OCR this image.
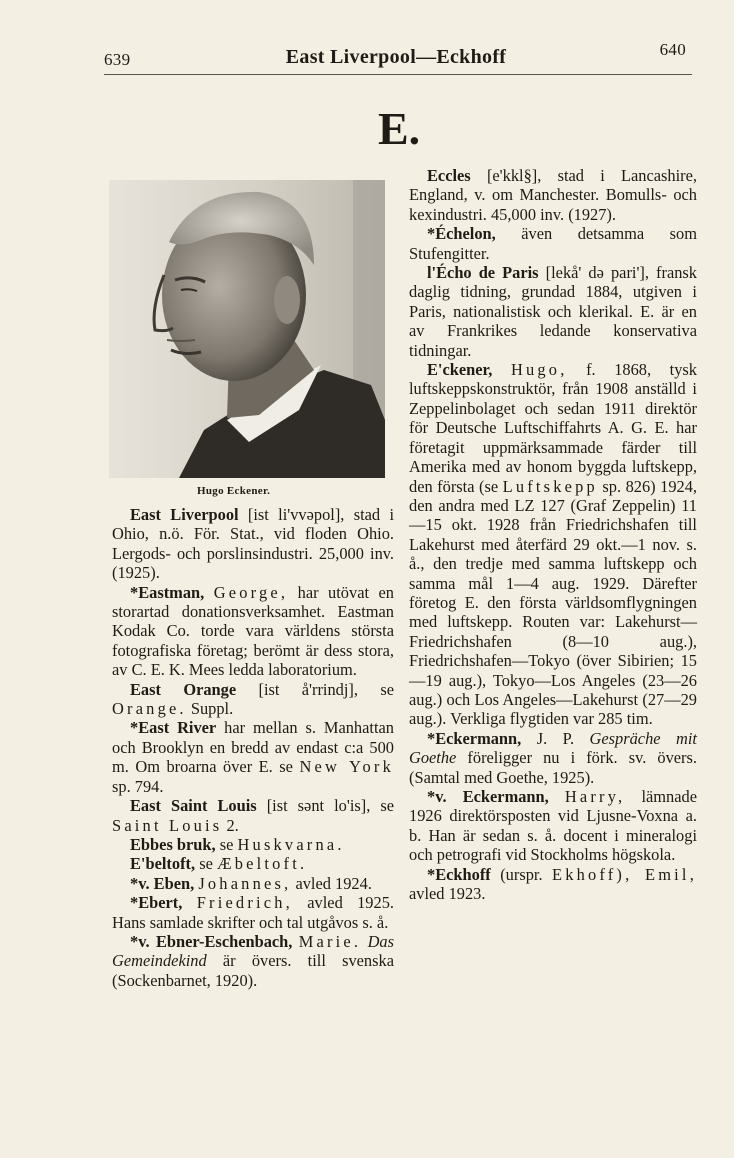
639	East Liverpool—Eckhoff	640
E.
Hugo Eckener.

East Liverpool [ist li'vvəpol], stad i Ohio, n.ö. För. Stat., vid floden Ohio. Lergods- och porslinsindustri. 25,000 inv. (1925).

*Eastman, George, har utövat en storartad donationsverksamhet. Eastman Kodak Co. torde vara världens största fotografiska företag; berömt är dess stora, av C. E. K. Mees ledda laboratorium.

East Orange [ist å'rrindj], se Orange. Suppl.

*East River har mellan s. Manhattan och Brooklyn en bredd av endast c:a 500 m. Om broarna över E. se New York sp. 794.

East Saint Louis [ist sənt lo'is], se Saint Louis 2.

Ebbes bruk, se Huskvarna.

E'beltoft, se Æbeltoft.

*v. Eben, Johannes, avled 1924.

*Ebert, Friedrich, avled 1925. Hans samlade skrifter och tal utgåvos s. å.

*v. Ebner-Eschenbach, Marie. Das Gemeindekind är övers. till svenska (Sockenbarnet, 1920).

Eccles [e'kkl§], stad i Lancashire, England, v. om Manchester. Bomulls- och kexindustri. 45,000 inv. (1927).

*Échelon, även detsamma som Stufengitter.

l'Écho de Paris [lekå' də pari'], fransk daglig tidning, grundad 1884, utgiven i Paris, nationalistisk och klerikal. E. är en av Frankrikes ledande konservativa tidningar.

E'ckener, Hugo, f. 1868, tysk luftskeppskonstruktör, från 1908 anställd i Zeppelinbolaget och sedan 1911 direktör för Deutsche Luftschiffahrts A. G. E. har företagit uppmärksammade färder till Amerika med av honom byggda luftskepp, den första (se Luftskepp sp. 826) 1924, den andra med LZ 127 (Graf Zeppelin) 11—15 okt. 1928 från Friedrichshafen till Lakehurst med återfärd 29 okt.—1 nov. s. å., den tredje med samma luftskepp och samma mål 1—4 aug. 1929. Därefter företog E. den första världsomflygningen med luftskepp. Routen var: Lakehurst—Friedrichshafen (8—10 aug.), Friedrichshafen—Tokyo (över Sibirien; 15—19 aug.), Tokyo—Los Angeles (23—26 aug.) och Los Angeles—Lakehurst (27—29 aug.). Verkliga flygtiden var 285 tim.

*Eckermann, J. P. Gespräche mit Goethe föreligger nu i förk. sv. övers. (Samtal med Goethe, 1925).

*v. Eckermann, Harry, lämnade 1926 direktörsposten vid Ljusne-Voxna a. b. Han är sedan s. å. docent i mineralogi och petrografi vid Stockholms högskola.

*Eckhoff (urspr. Ekhoff), Emil, avled 1923.
